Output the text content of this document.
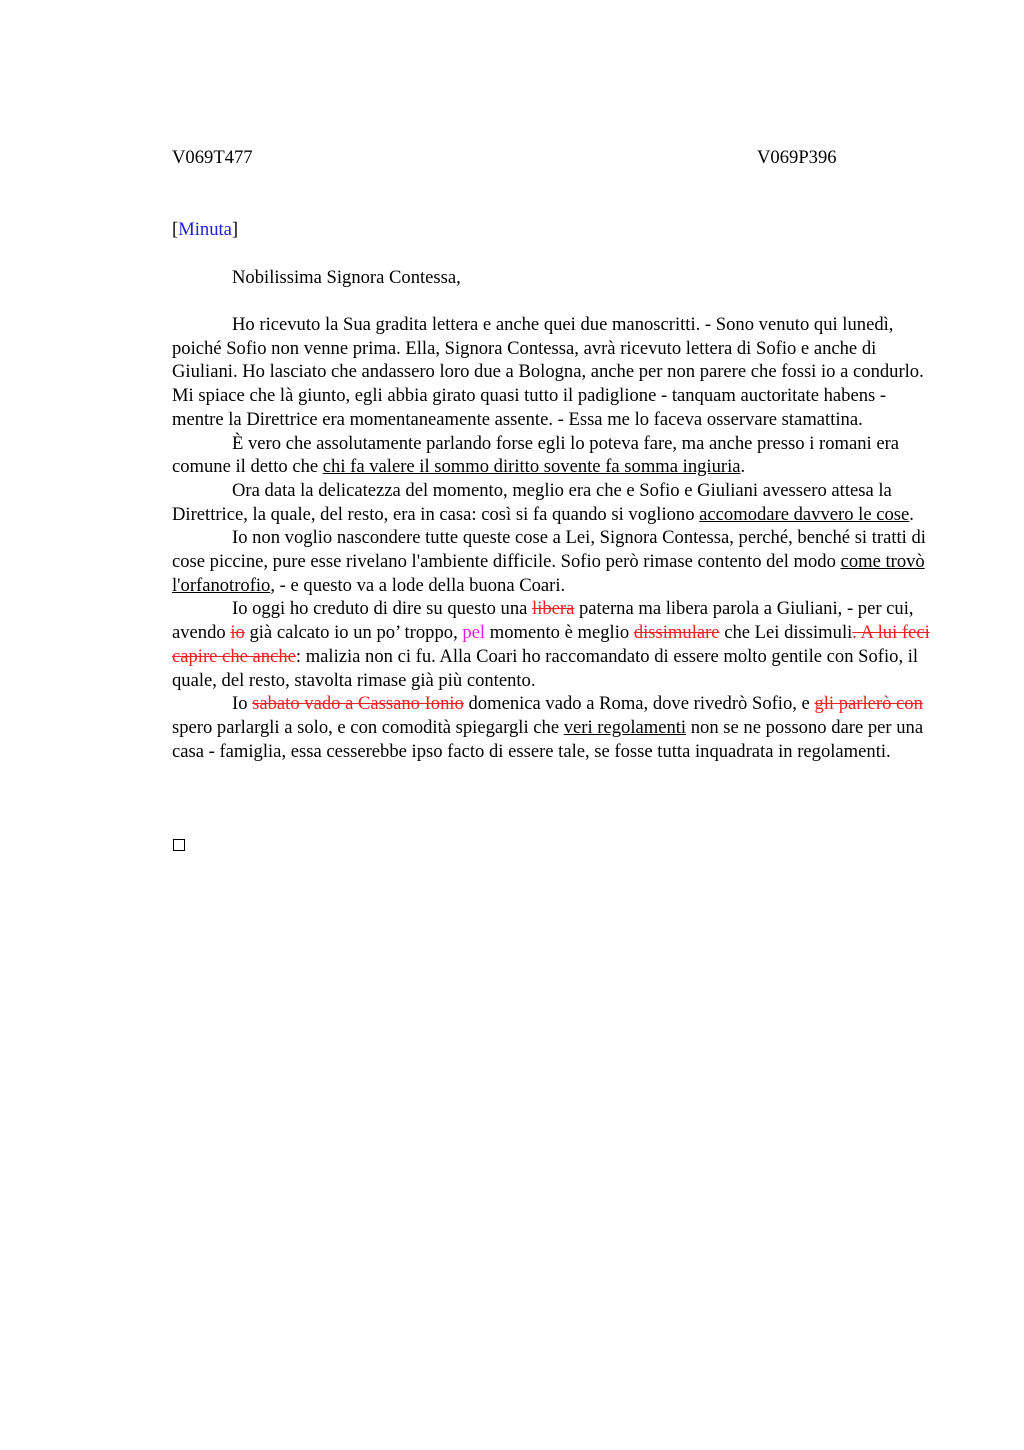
V069T477	V069P396
[Minuta]
Nobilissima Signora Contessa,

Ho ricevuto la Sua gradita lettera e anche quei due manoscritti. - Sono venuto qui lunedì, poiché Sofio non venne prima. Ella, Signora Contessa, avrà ricevuto lettera di Sofio e anche di Giuliani. Ho lasciato che andassero loro due a Bologna, anche per non parere che fossi io a condurlo. Mi spiace che là giunto, egli abbia girato quasi tutto il padiglione - tanquam auctoritate habens - mentre la Direttrice era momentaneamente assente. - Essa me lo faceva osservare stamattina.

È vero che assolutamente parlando forse egli lo poteva fare, ma anche presso i romani era comune il detto che chi fa valere il sommo diritto sovente fa somma ingiuria.

Ora data la delicatezza del momento, meglio era che e Sofio e Giuliani avessero attesa la Direttrice, la quale, del resto, era in casa: così si fa quando si vogliono accomodare davvero le cose.

Io non voglio nascondere tutte queste cose a Lei, Signora Contessa, perché, benché si tratti di cose piccine, pure esse rivelano l'ambiente difficile. Sofio però rimase contento del modo come trovò l'orfanotrofio, - e questo va a lode della buona Coari.

Io oggi ho creduto di dire su questo una libera paterna ma libera parola a Giuliani, - per cui, avendo io già calcato io un po’ troppo, pel momento è meglio dissimulare che Lei dissimuli. A lui feci capire che anche: malizia non ci fu. Alla Coari ho raccomandato di essere molto gentile con Sofio, il quale, del resto, stavolta rimase già più contento.

Io sabato vado a Cassano Ionio domenica vado a Roma, dove rivedrò Sofio, e gli parlerò con spero parlargli a solo, e con comodità spiegargli che veri regolamenti non se ne possono dare per una casa - famiglia, essa cesserebbe ipso facto di essere tale, se fosse tutta inquadrata in regolamenti.
